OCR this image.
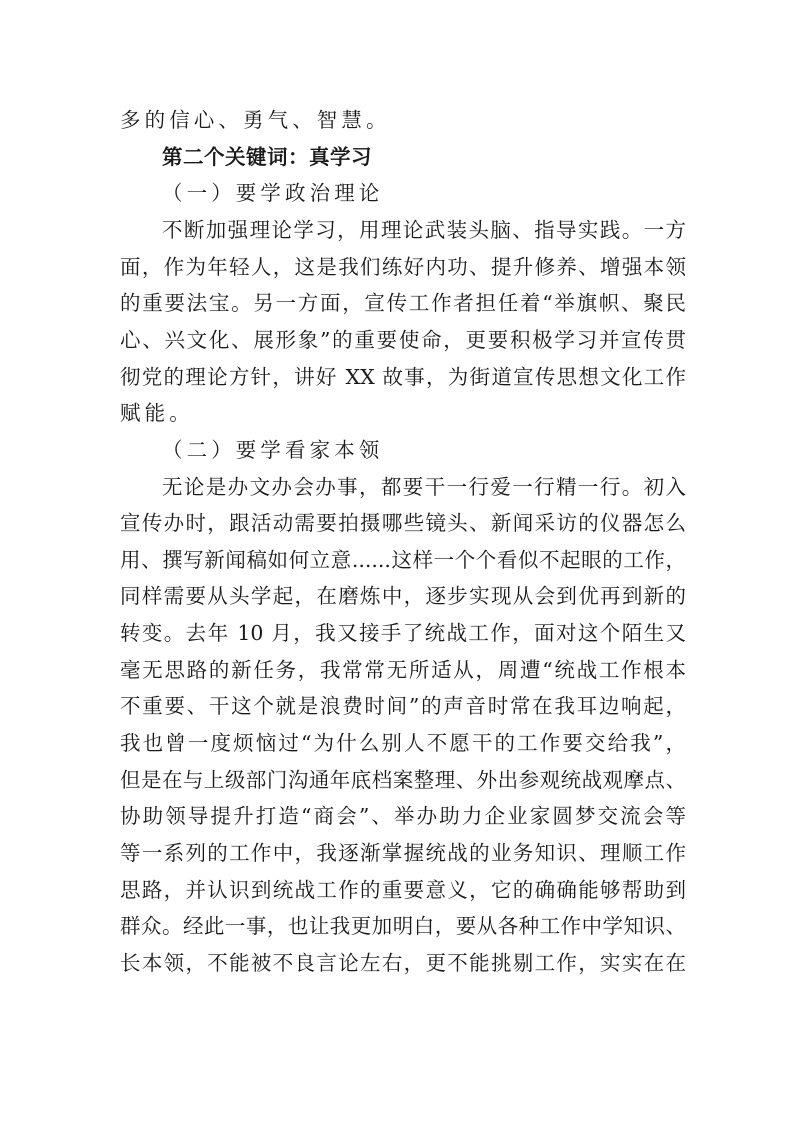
多的信心、勇气、智慧。
第二个关键词：真学习
（一）要学政治理论
不断加强理论学习，用理论武装头脑、指导实践。一方
面，作为年轻人，这是我们练好内功、提升修养、增强本领
的重要法宝。另一方面，宣传工作者担任着“举旗帜、聚民
心、兴文化、展形象”的重要使命，更要积极学习并宣传贯
彻党的理论方针，讲好 XX 故事，为街道宣传思想文化工作
赋能。
（二）要学看家本领
无论是办文办会办事，都要干一行爱一行精一行。初入
宣传办时，跟活动需要拍摄哪些镜头、新闻采访的仪器怎么
用、撰写新闻稿如何立意......这样一个个看似不起眼的工作，
同样需要从头学起，在磨炼中，逐步实现从会到优再到新的
转变。去年 10 月，我又接手了统战工作，面对这个陌生又
毫无思路的新任务，我常常无所适从，周遭“统战工作根本
不重要、干这个就是浪费时间”的声音时常在我耳边响起，
我也曾一度烦恼过“为什么别人不愿干的工作要交给我”，
但是在与上级部门沟通年底档案整理、外出参观统战观摩点、
协助领导提升打造“商会”、举办助力企业家圆梦交流会等
等一系列的工作中，我逐渐掌握统战的业务知识、理顺工作
思路，并认识到统战工作的重要意义，它的确确能够帮助到
群众。经此一事，也让我更加明白，要从各种工作中学知识、
长本领，不能被不良言论左右，更不能挑剔工作，实实在在
